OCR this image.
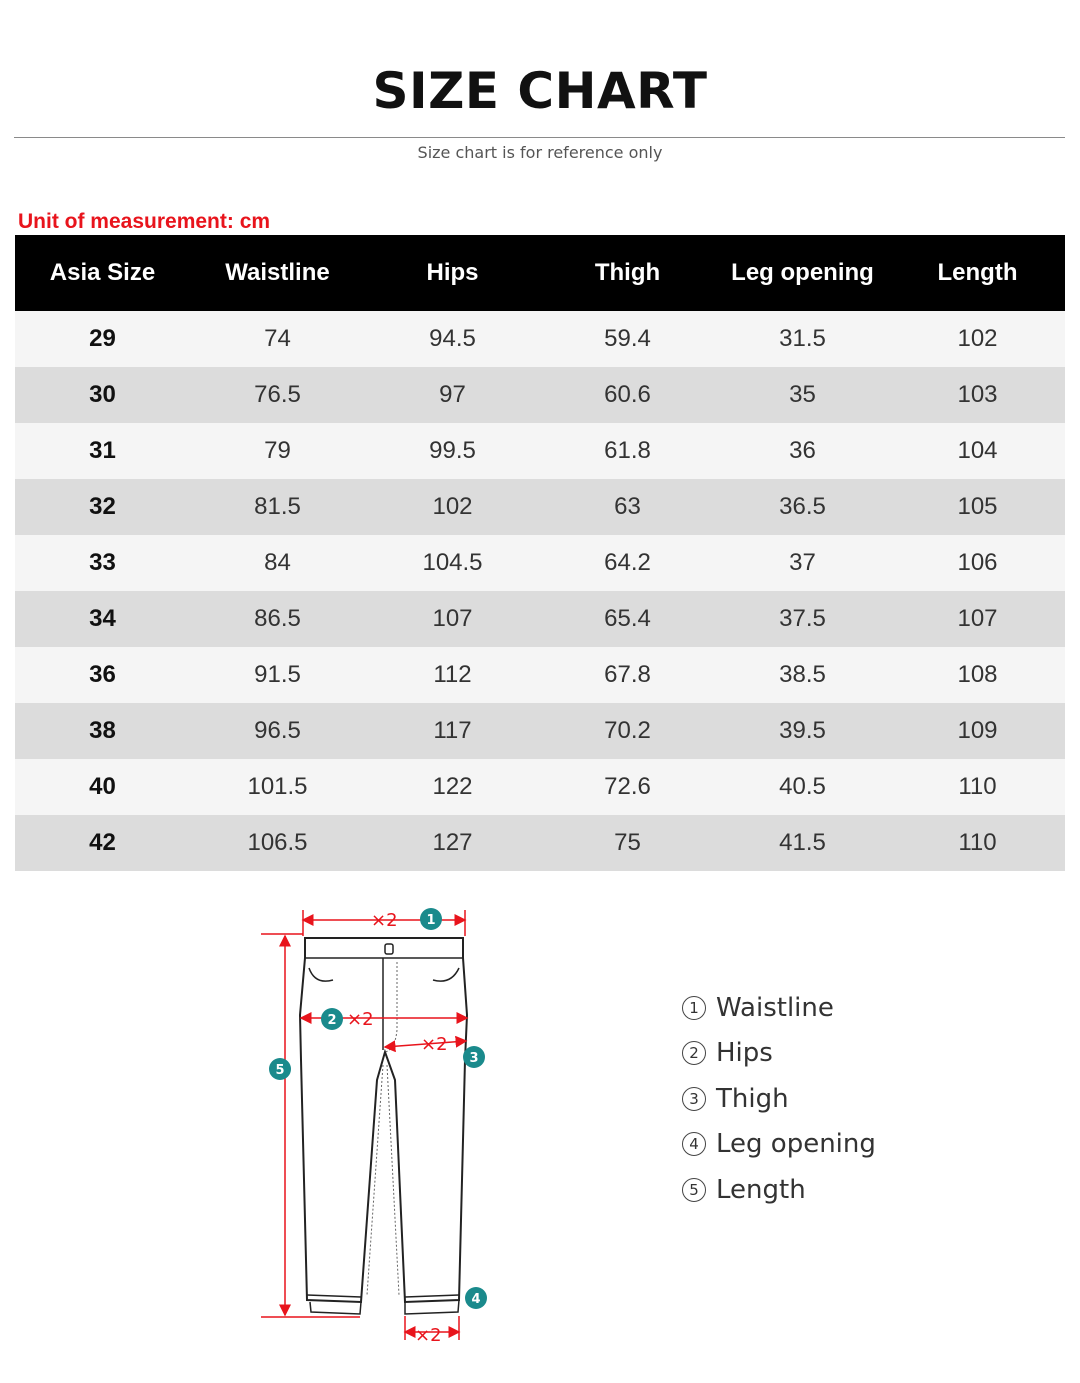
SIZE CHART
Size chart is for reference only
Unit of measurement: cm
Asia Size	Waistline	Hips	Thigh	Leg opening	Length
29	74	94.5	59.4	31.5	102
30	76.5	97	60.6	35	103
31	79	99.5	61.8	36	104
32	81.5	102	63	36.5	105
33	84	104.5	64.2	37	106
34	86.5	107	65.4	37.5	107
36	91.5	112	67.8	38.5	108
38	96.5	117	70.2	39.5	109
40	101.5	122	72.6	40.5	110
42	106.5	127	75	41.5	110
×2
×2
×2
×2
1
2
3
4
5
1 Waistline
2 Hips
3 Thigh
4 Leg opening
5 Length
